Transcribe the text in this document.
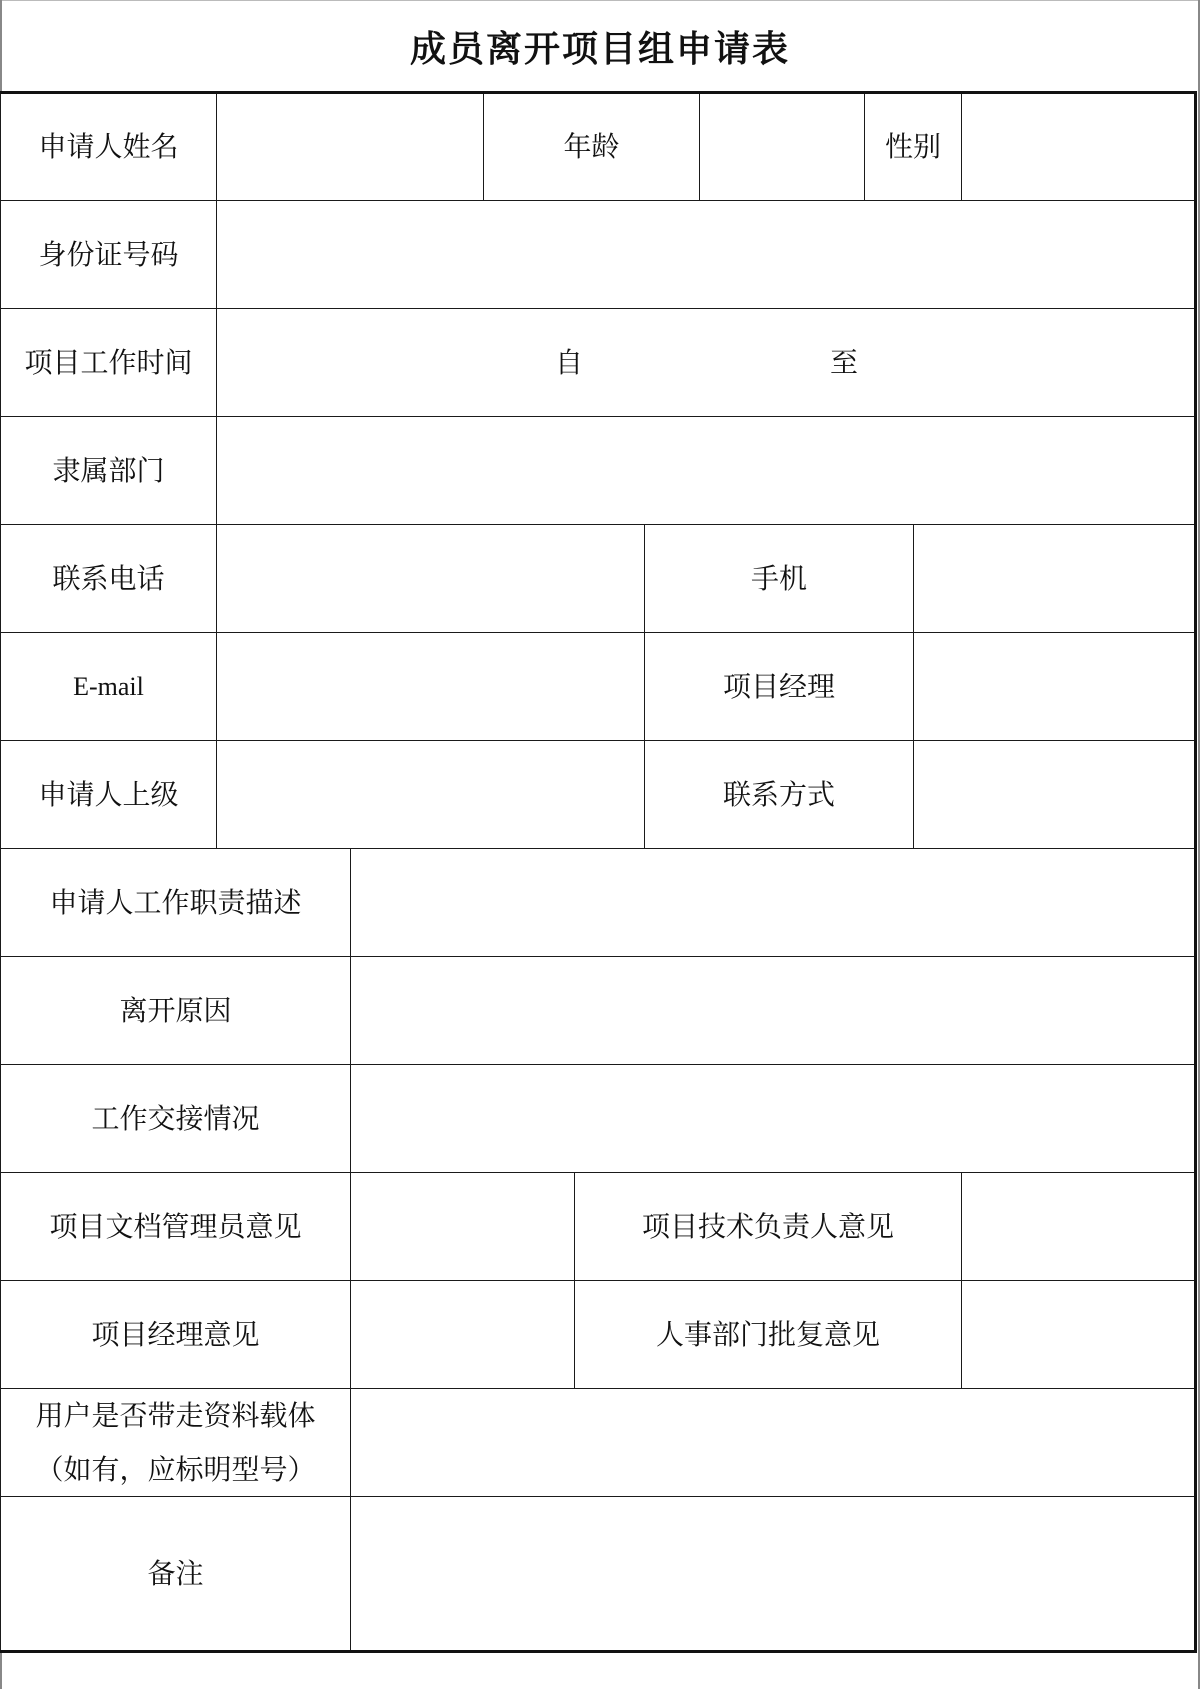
成员离开项目组申请表
申请人姓名	年龄	性别
身份证号码
项目工作时间	自	至
隶属部门
联系电话	手机
E-mail	项目经理
申请人上级	联系方式
申请人工作职责描述
离开原因
工作交接情况
项目文档管理员意见	项目技术负责人意见
项目经理意见	人事部门批复意见
用户是否带走资料载体
（如有，应标明型号）
备注
